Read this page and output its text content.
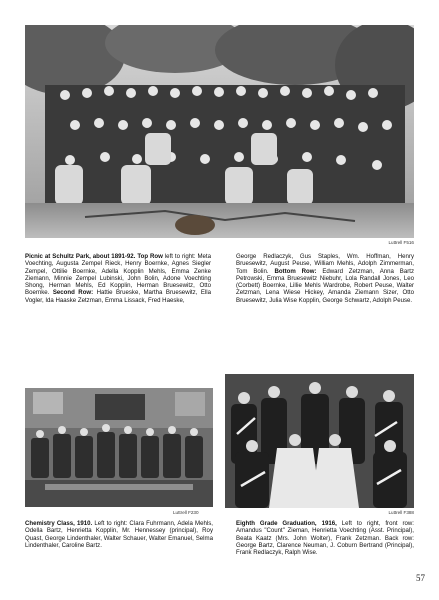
Luttrell F516
Picnic at Schultz Park, about 1891-92. Top Row left to right: Meta Voechting, Augusta Zempel Rieck, Henry Boernke, Agnes Siegler Zempel, Ottilie Boernke, Adella Kopplin Mehls, Emma Zenke Ziemann, Minnie Zempel Lubinski, John Bolin, Adone Voechting Shong, Herman Mehls, Ed Kopplin, Herman Bruesewitz, Otto Boernke. Second Row: Hattie Brueske, Martha Bruesewitz, Ella Vogler, Ida Haaske Zetzman, Emma Lissack, Fred Haeske,
George Redlaczyk, Gus Staples, Wm. Hoffman, Henry Bruesewitz, August Peuse, William Mehls, Adolph Zimmerman, Tom Bolin. Bottom Row: Edward Zetzman, Anna Bartz Petrowski, Emma Bruesewitz Niebuhr, Lola Randall Jones, Leo (Corbett) Boernke, Lillie Mehls Wardrobe, Robert Peuse, Walter Zetzman, Lena Wiese Hickey, Amanda Ziemann Sizer, Otto Bruesewitz, Julia Wise Kopplin, George Schwartz, Adolph Peuse.
Luttrell F230
Chemistry Class, 1910. Left to right: Clara Fuhrmann, Adela Mehls, Odella Bartz, Henrietta Kopplin, Mr. Hennessey (principal), Roy Quast, George Lindenthaler, Walter Schauer, Walter Emanuel, Selma Lindenthaler, Caroline Bartz.
Luttrell F388
Eighth Grade Graduation, 1916, Left to right, front row: Amandus "Count" Zieman, Henrietta Voechting (Asst. Principal), Beata Kaatz (Mrs. John Wolter), Frank Zetzman. Back row: George Bartz, Clarence Neuman, J. Coburn Bertrand (Principal), Frank Redlaczyk, Ralph Wise.
57
